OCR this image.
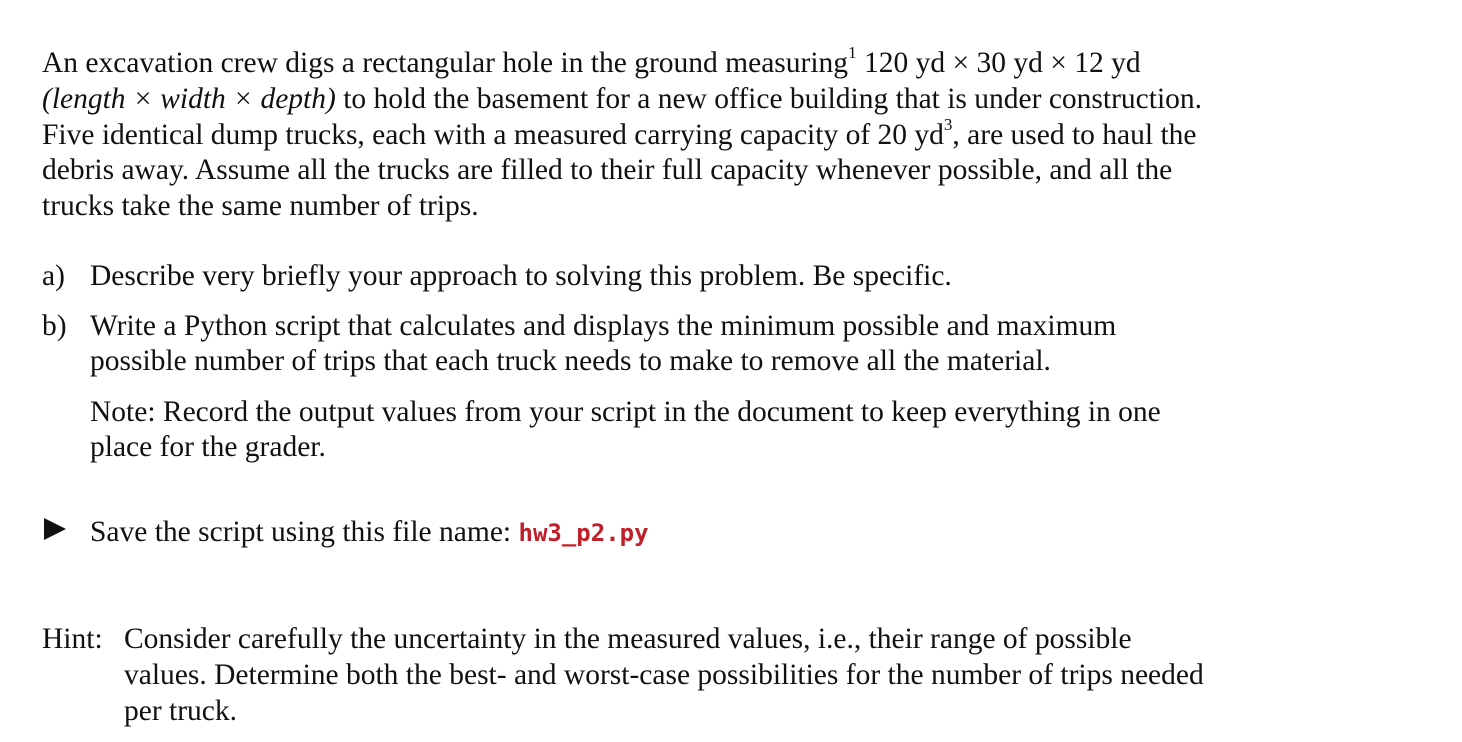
An excavation crew digs a rectangular hole in the ground measuring$^1$ 120 yd × 30 yd × 12 yd
(length × width × depth) to hold the basement for a new office building that is under construction.
Five identical dump trucks, each with a measured carrying capacity of 20 $yd^3$, are used to haul the
debris away. Assume all the trucks are filled to their full capacity whenever possible, and all the
trucks take the same number of trips.
a) Describe very briefly your approach to solving this problem. Be specific.
b) Write a Python script that calculates and displays the minimum possible and maximum
possible number of trips that each truck needs to make to remove all the material.
Note: Record the output values from your script in the document to keep everything in one
place for the grader.
Save the script using this file name: hw3_p2.py
Hint: Consider carefully the uncertainty in the measured values, i.e., their range of possible
values. Determine both the best- and worst-case possibilities for the number of trips needed
per truck.
